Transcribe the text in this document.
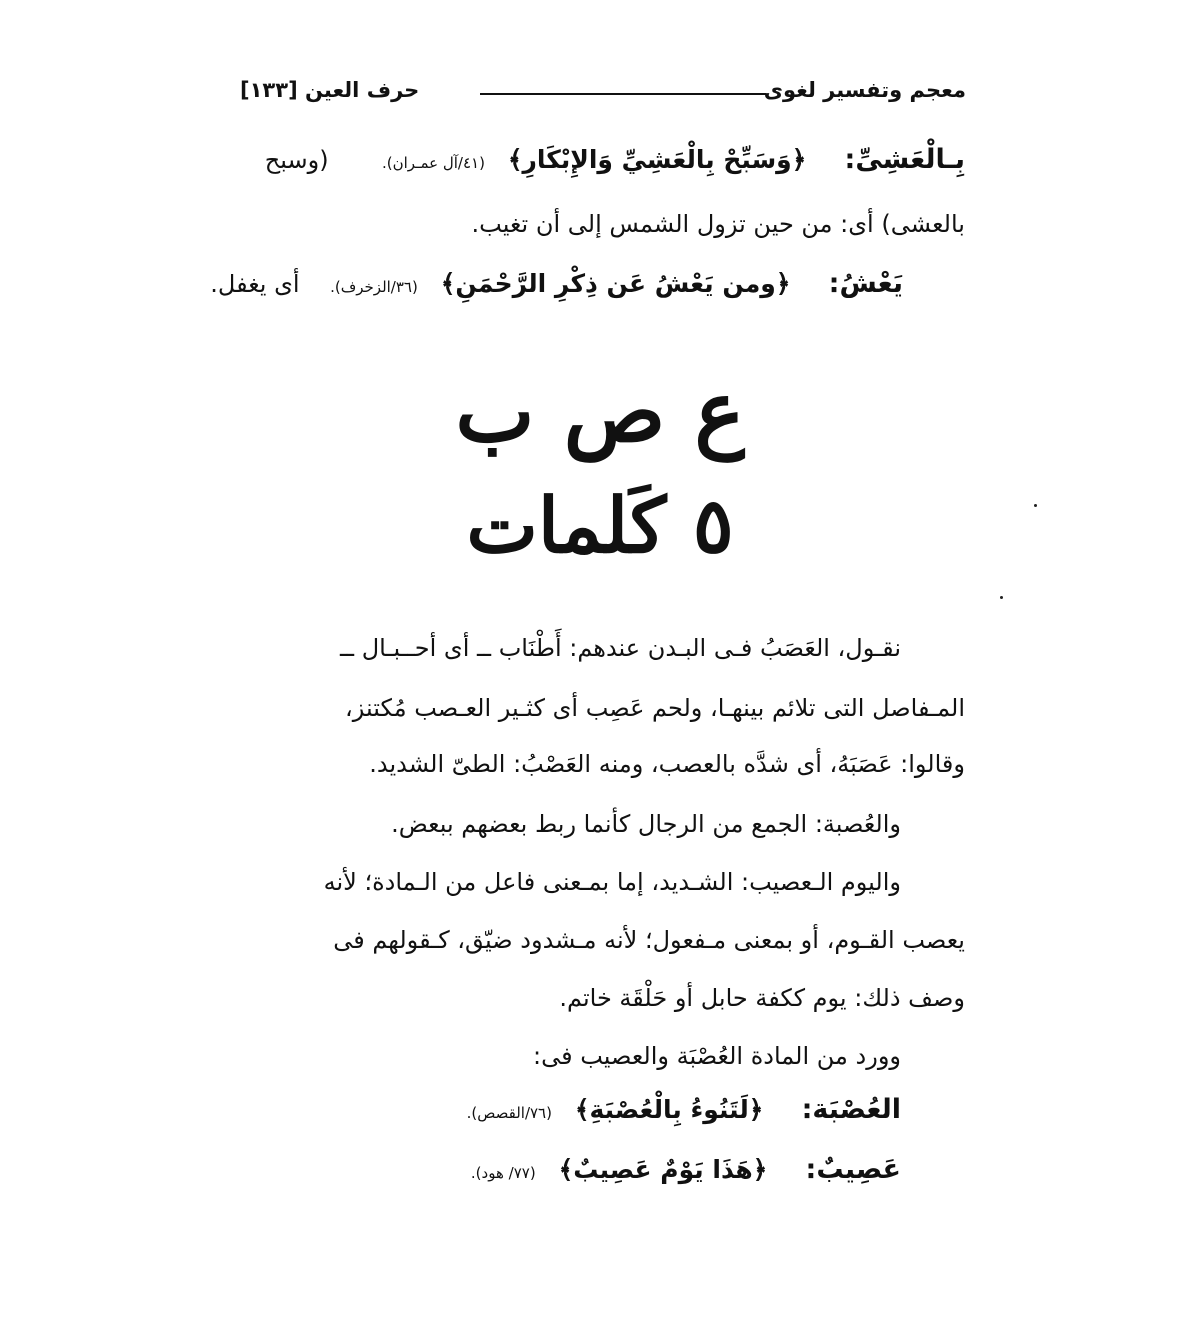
معجم وتفسير لغوى
حرف العين [١٣٣]
بِـالْعَشِىِّ:     ﴿وَسَبِّحْ بِالْعَشِيِّ وَالإِبْكَارِ﴾   (٤١/آل عمـران).       (وسبح
بالعشى) أى: من حين تزول الشمس إلى أن تغيب.
يَعْشُ:     ﴿ومن يَعْشُ عَن ذِكْرِ الرَّحْمَنِ﴾   (٣٦/الزخرف).    أى يغفل.
ع ص ب
٥ كَلمات
نقـول، العَصَبُ فـى البـدن عندهم: أَطْنَاب ــ أى أحــبـال ــ
المـفاصل التى تلائم بينهـا، ولحم عَصِب أى كثـير العـصب مُكتنز،
وقالوا: عَصَبَهُ، أى شدَّه بالعصب، ومنه العَصْبُ: الطىّ الشديد.
والعُصبة: الجمع من الرجال كأنما ربط بعضهم ببعض.
واليوم الـعصيب: الشـديد، إما بمـعنى فاعل من الـمادة؛ لأنه
يعصب القـوم، أو بمعنى مـفعول؛ لأنه مـشدود ضيّق، كـقولهم فى
وصف ذلك: يوم ككفة حابل أو حَلْقَة خاتم.
وورد من المادة العُصْبَة والعصيب فى:
العُصْبَة:     ﴿لَتَنُوءُ بِالْعُصْبَةِ﴾   (٧٦/القصص).
عَصِيبٌ:     ﴿هَذَا يَوْمٌ عَصِيبٌ﴾   (٧٧/ هود).
